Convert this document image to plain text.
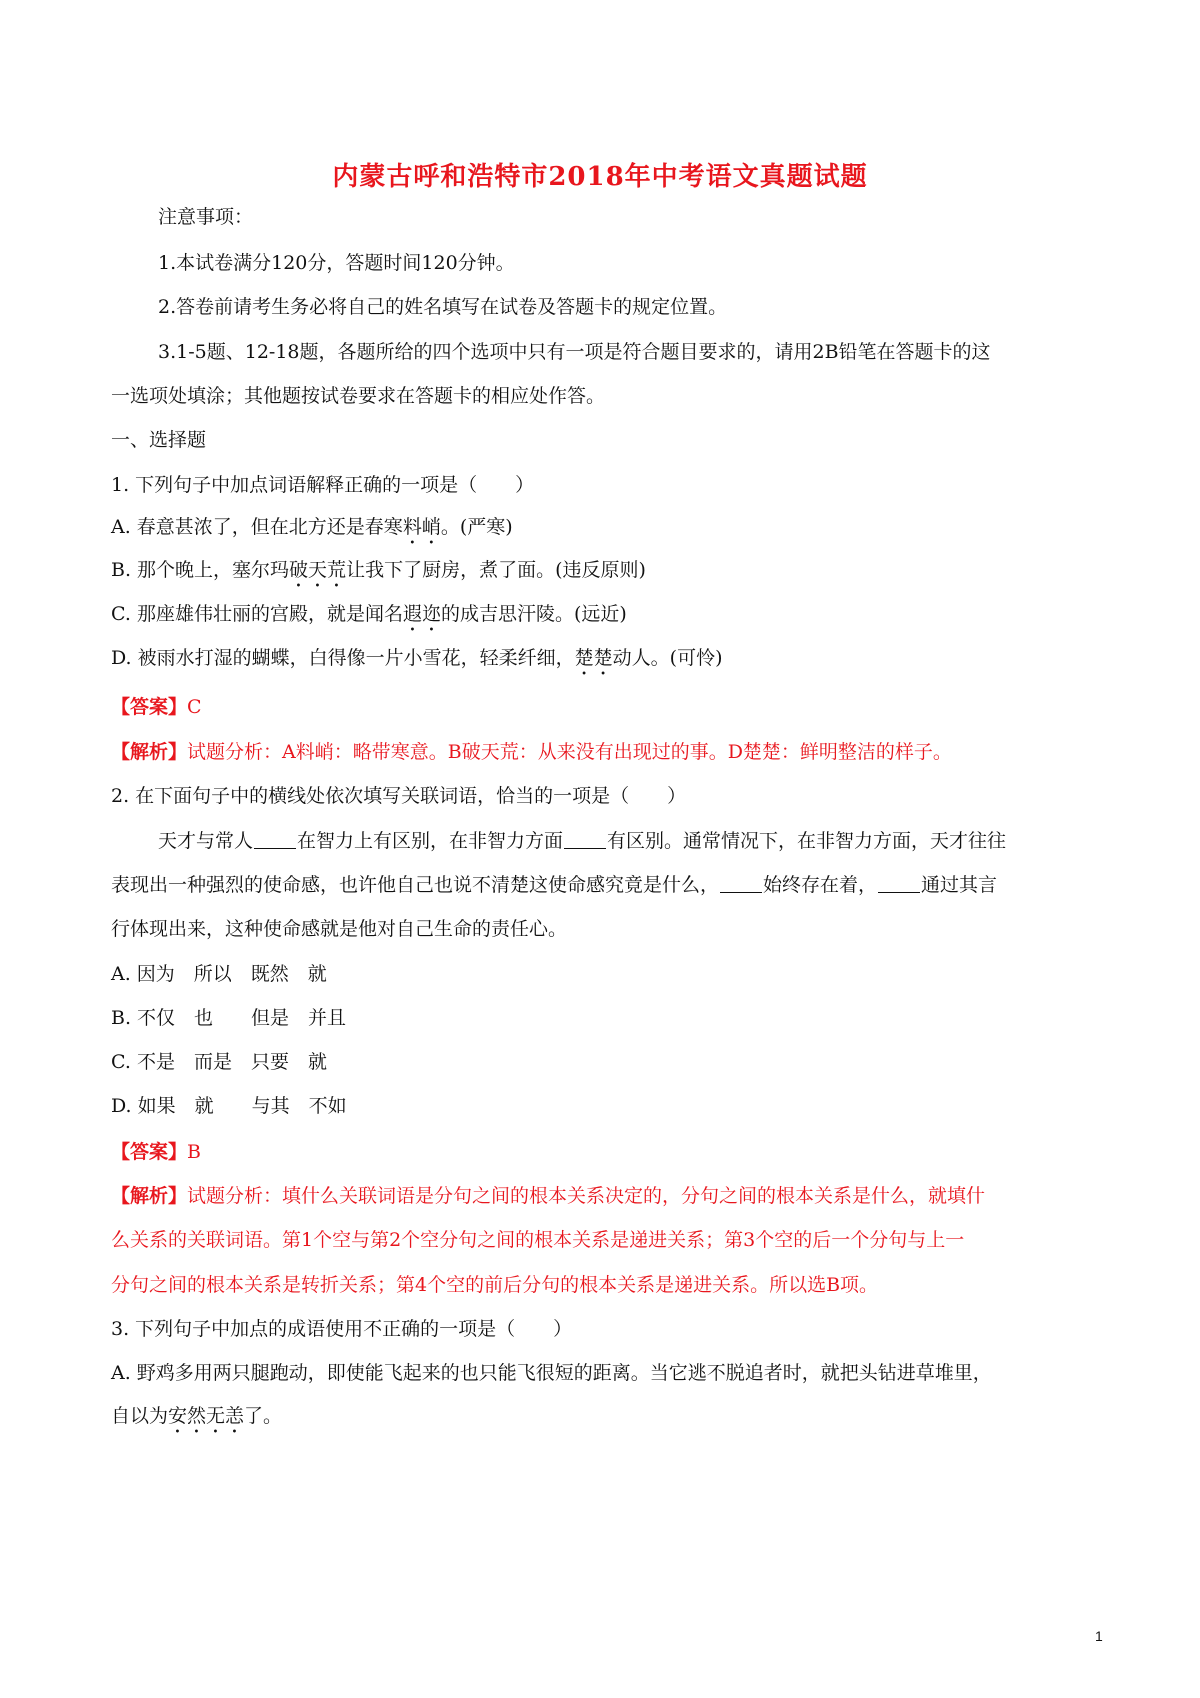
内蒙古呼和浩特市2018年中考语文真题试题
注意事项：
1.本试卷满分120分，答题时间120分钟。
2.答卷前请考生务必将自己的姓名填写在试卷及答题卡的规定位置。
3.1-5题、12-18题，各题所给的四个选项中只有一项是符合题目要求的，请用2B铅笔在答题卡的这
一选项处填涂；其他题按试卷要求在答题卡的相应处作答。
一、选择题
1. 下列句子中加点词语解释正确的一项是（　　）
A. 春意甚浓了，但在北方还是春寒料峭。(严寒)
B. 那个晚上，塞尔玛破天荒让我下了厨房，煮了面。(违反原则)
C. 那座雄伟壮丽的宫殿，就是闻名遐迩的成吉思汗陵。(远近)
D. 被雨水打湿的蝴蝶，白得像一片小雪花，轻柔纤细，楚楚动人。(可怜)
【答案】C
【解析】试题分析：A料峭：略带寒意。B破天荒：从来没有出现过的事。D楚楚：鲜明整洁的样子。
2. 在下面句子中的横线处依次填写关联词语，恰当的一项是（　　）
天才与常人 在智力上有区别，在非智力方面 有区别。通常情况下，在非智力方面，天才往往
表现出一种强烈的使命感，也许他自己也说不清楚这使命感究竟是什么， 始终存在着， 通过其言
行体现出来，这种使命感就是他对自己生命的责任心。
A. 因为　所以　既然　就
B. 不仅　也　　但是　并且
C. 不是　而是　只要　就
D. 如果　就　　与其　不如
【答案】B
【解析】试题分析：填什么关联词语是分句之间的根本关系决定的，分句之间的根本关系是什么，就填什
么关系的关联词语。第1个空与第2个空分句之间的根本关系是递进关系；第3个空的后一个分句与上一
分句之间的根本关系是转折关系；第4个空的前后分句的根本关系是递进关系。所以选B项。
3. 下列句子中加点的成语使用不正确的一项是（　　）
A. 野鸡多用两只腿跑动，即使能飞起来的也只能飞很短的距离。当它逃不脱追者时，就把头钻进草堆里，
自以为安然无恙了。
1
